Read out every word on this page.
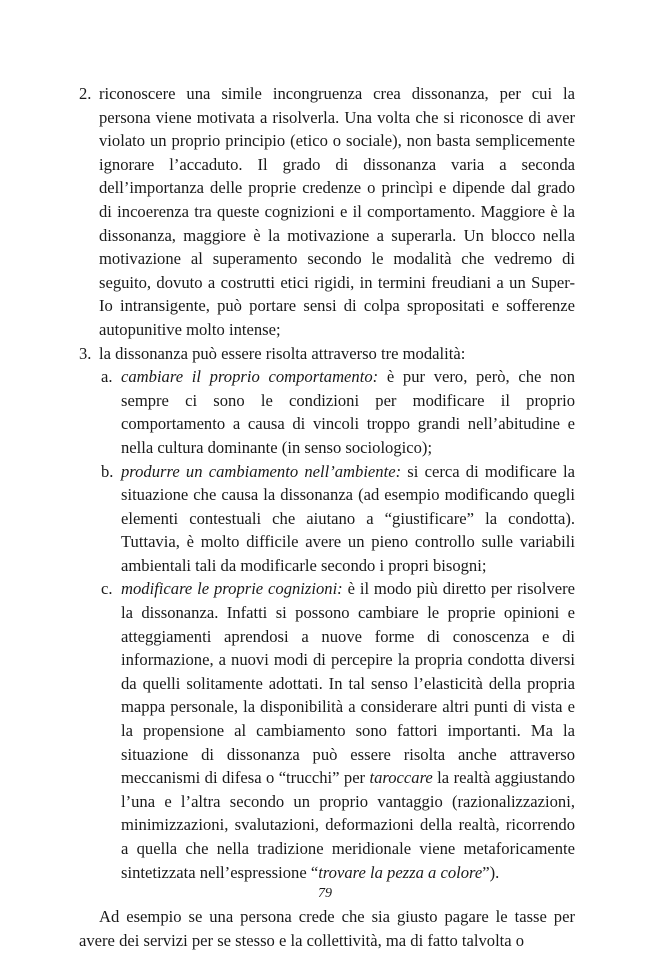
2. riconoscere una simile incongruenza crea dissonanza, per cui la persona viene motivata a risolverla. Una volta che si riconosce di aver violato un proprio principio (etico o sociale), non basta semplicemente ignorare l’accaduto. Il grado di dissonanza varia a seconda dell’importanza delle proprie credenze o princìpi e dipende dal grado di incoerenza tra queste cognizioni e il comportamento. Maggiore è la dissonanza, maggiore è la motivazione a superarla. Un blocco nella motivazione al superamento secondo le modalità che vedremo di seguito, dovuto a costrutti etici rigidi, in termini freudiani a un Super-Io intransigente, può portare sensi di colpa spropositati e sofferenze autopunitive molto intense;
3. la dissonanza può essere risolta attraverso tre modalità:
a. cambiare il proprio comportamento: è pur vero, però, che non sempre ci sono le condizioni per modificare il proprio comportamento a causa di vincoli troppo grandi nell’abitudine e nella cultura dominante (in senso sociologico);
b. produrre un cambiamento nell’ambiente: si cerca di modificare la situazione che causa la dissonanza (ad esempio modificando quegli elementi contestuali che aiutano a “giustificare” la condotta). Tuttavia, è molto difficile avere un pieno controllo sulle variabili ambientali tali da modificarle secondo i propri bisogni;
c. modificare le proprie cognizioni: è il modo più diretto per risolvere la dissonanza. Infatti si possono cambiare le proprie opinioni e atteggiamenti aprendosi a nuove forme di conoscenza e di informazione, a nuovi modi di percepire la propria condotta diversi da quelli solitamente adottati. In tal senso l’elasticità della propria mappa personale, la disponibilità a considerare altri punti di vista e la propensione al cambiamento sono fattori importanti. Ma la situazione di dissonanza può essere risolta anche attraverso meccanismi di difesa o “trucchi” per taroccare la realtà aggiustando l’una e l’altra secondo un proprio vantaggio (razionalizzazioni, minimizzazioni, svalutazioni, deformazioni della realtà, ricorrendo a quella che nella tradizione meridionale viene metaforicamente sintetizzata nell’espressione “trovare la pezza a colore”).

Ad esempio se una persona crede che sia giusto pagare le tasse per avere dei servizi per se stesso e la collettività, ma di fatto talvolta o

79
